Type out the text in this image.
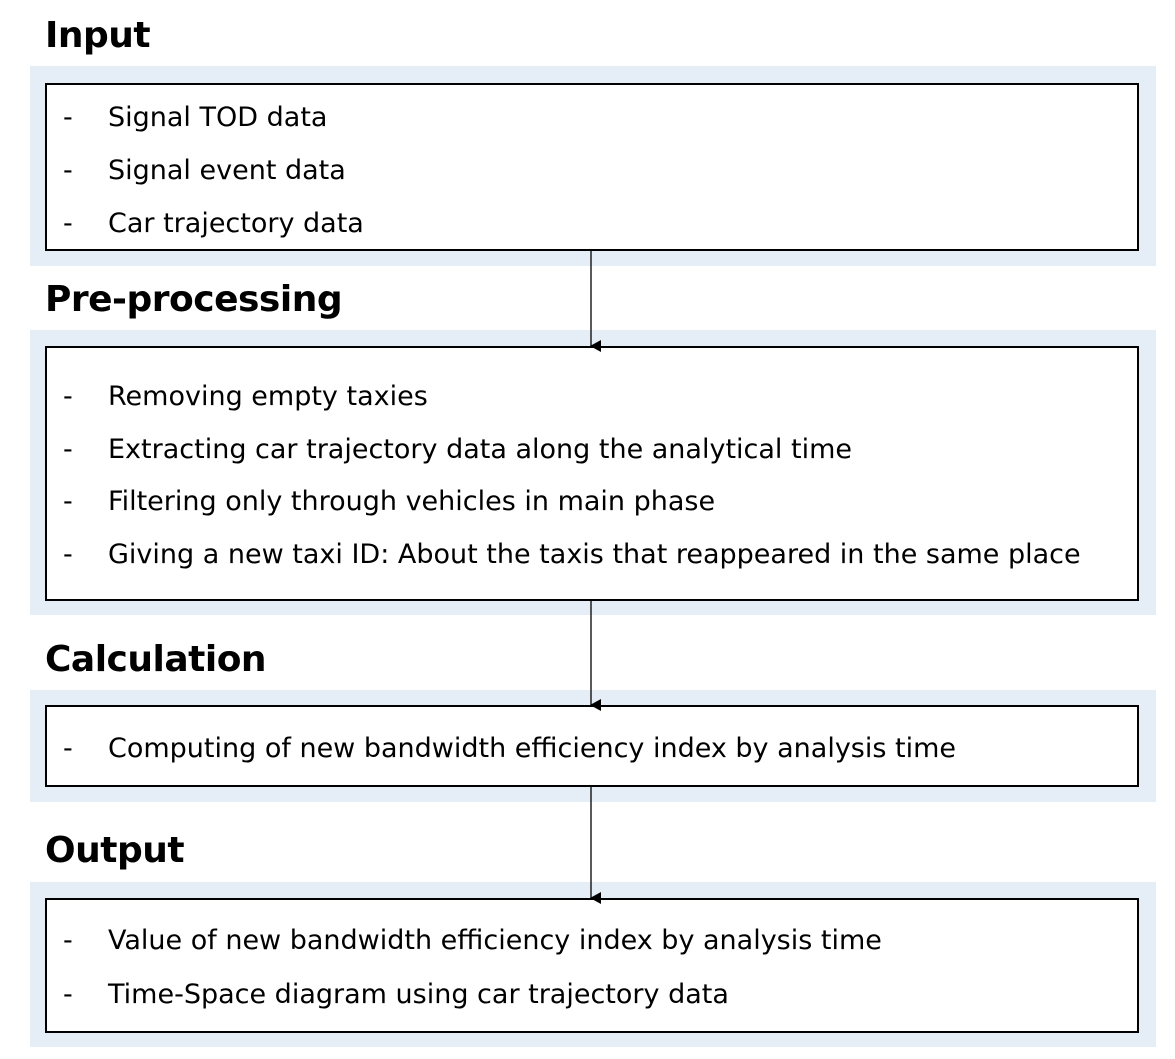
Input
- Signal TOD data
- Signal event data
- Car trajectory data
Pre-processing
- Removing empty taxies
- Extracting car trajectory data along the analytical time
- Filtering only through vehicles in main phase
- Giving a new taxi ID: About the taxis that reappeared in the same place
Calculation
- Computing of new bandwidth efficiency index by analysis time
Output
- Value of new bandwidth efficiency index by analysis time
- Time-Space diagram using car trajectory data
